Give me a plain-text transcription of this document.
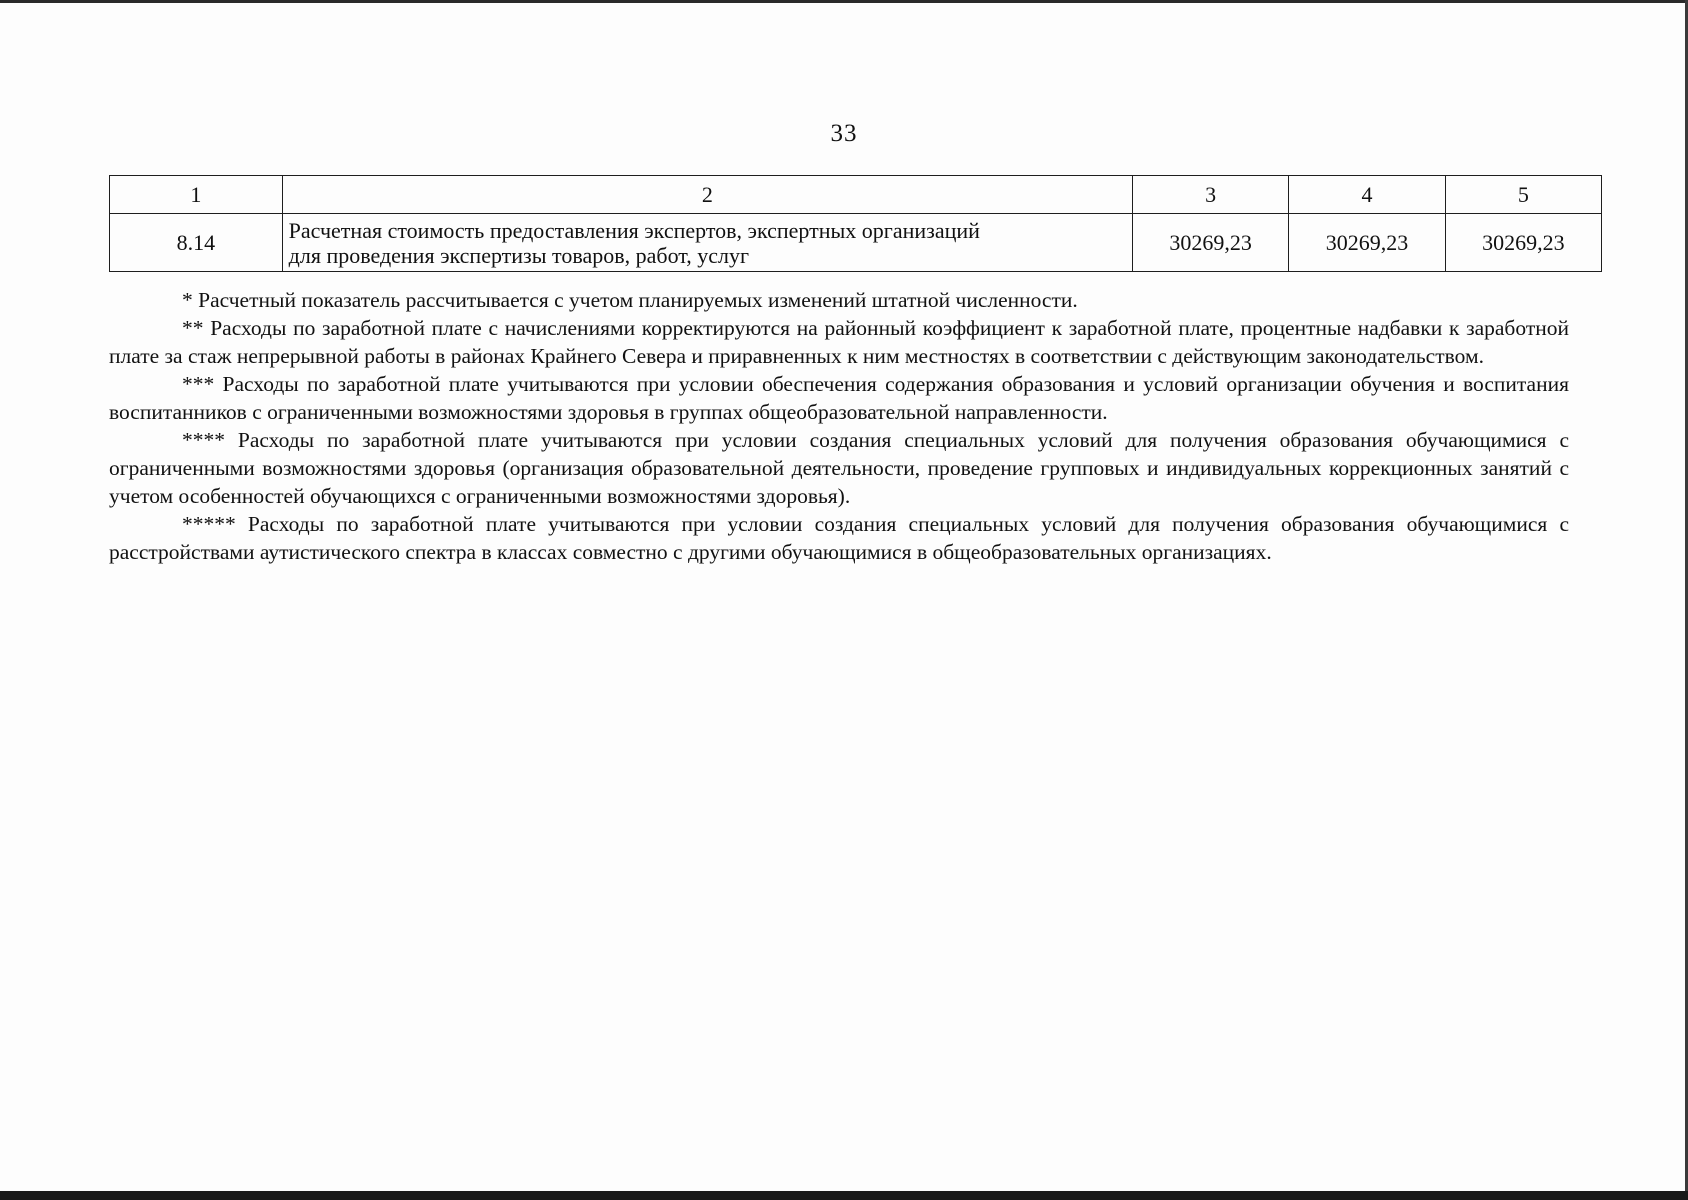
33
1	2	3	4	5
8.14	Расчетная стоимость предоставления экспертов, экспертных организаций
для проведения экспертизы товаров, работ, услуг	30269,23	30269,23	30269,23

* Расчетный показатель рассчитывается с учетом планируемых изменений штатной численности.

** Расходы по заработной плате с начислениями корректируются на районный коэффициент к заработной плате, процентные надбавки к заработной плате за стаж непрерывной работы в районах Крайнего Севера и приравненных к ним местностях в соответствии с действующим законодательством.

*** Расходы по заработной плате учитываются при условии обеспечения содержания образования и условий организации обучения и воспитания воспитанников с ограниченными возможностями здоровья в группах общеобразовательной направленности.

**** Расходы по заработной плате учитываются при условии создания специальных условий для получения образования обучающимися с ограниченными возможностями здоровья (организация образовательной деятельности, проведение групповых и индивидуальных коррекционных занятий с учетом особенностей обучающихся с ограниченными возможностями здоровья).

***** Расходы по заработной плате учитываются при условии создания специальных условий для получения образования обучающимися с расстройствами аутистического спектра в классах совместно с другими обучающимися в общеобразовательных организациях.
